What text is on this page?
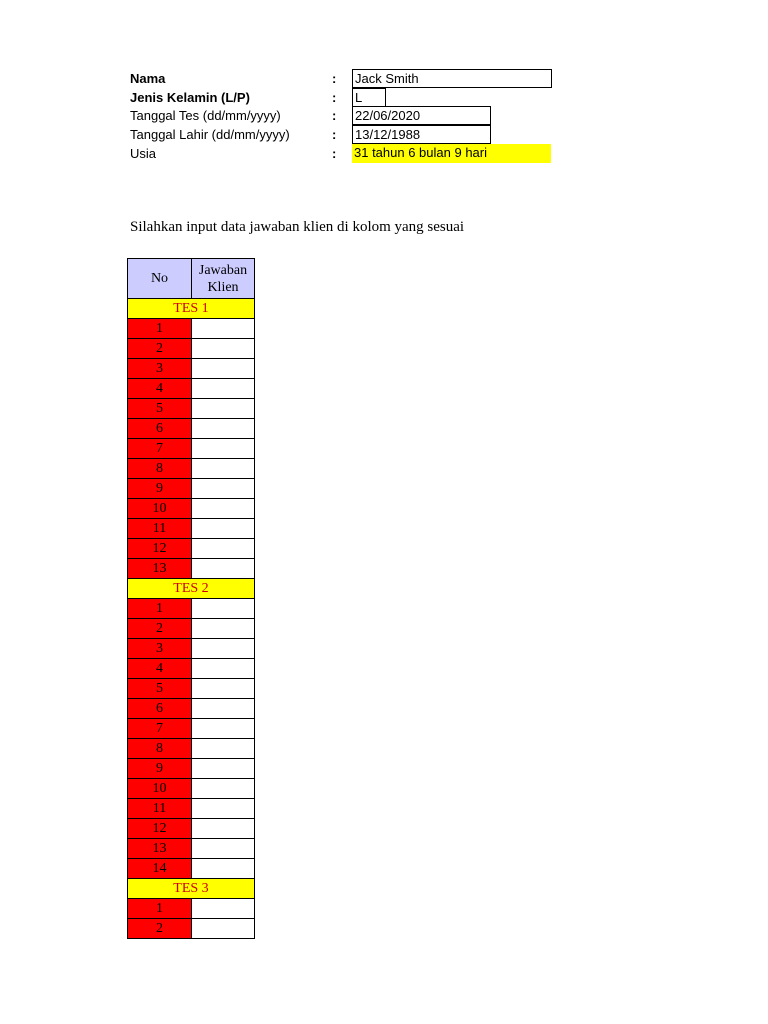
Nama	: Jack Smith
Jenis Kelamin (L/P)	: L
Tanggal Tes (dd/mm/yyyy)	: 22/06/2020
Tanggal Lahir (dd/mm/yyyy)	: 13/12/1988
Usia	: 31 tahun 6 bulan 9 hari
Silahkan input data jawaban klien di kolom yang sesuai
No	Jawaban
Klien
TES 1	
1	
2	
3	
4	
5	
6	
7	
8	
9	
10	
11	
12	
13	
TES 2	
1	
2	
3	
4	
5	
6	
7	
8	
9	
10	
11	
12	
13	
14	
TES 3	
1	
2	
